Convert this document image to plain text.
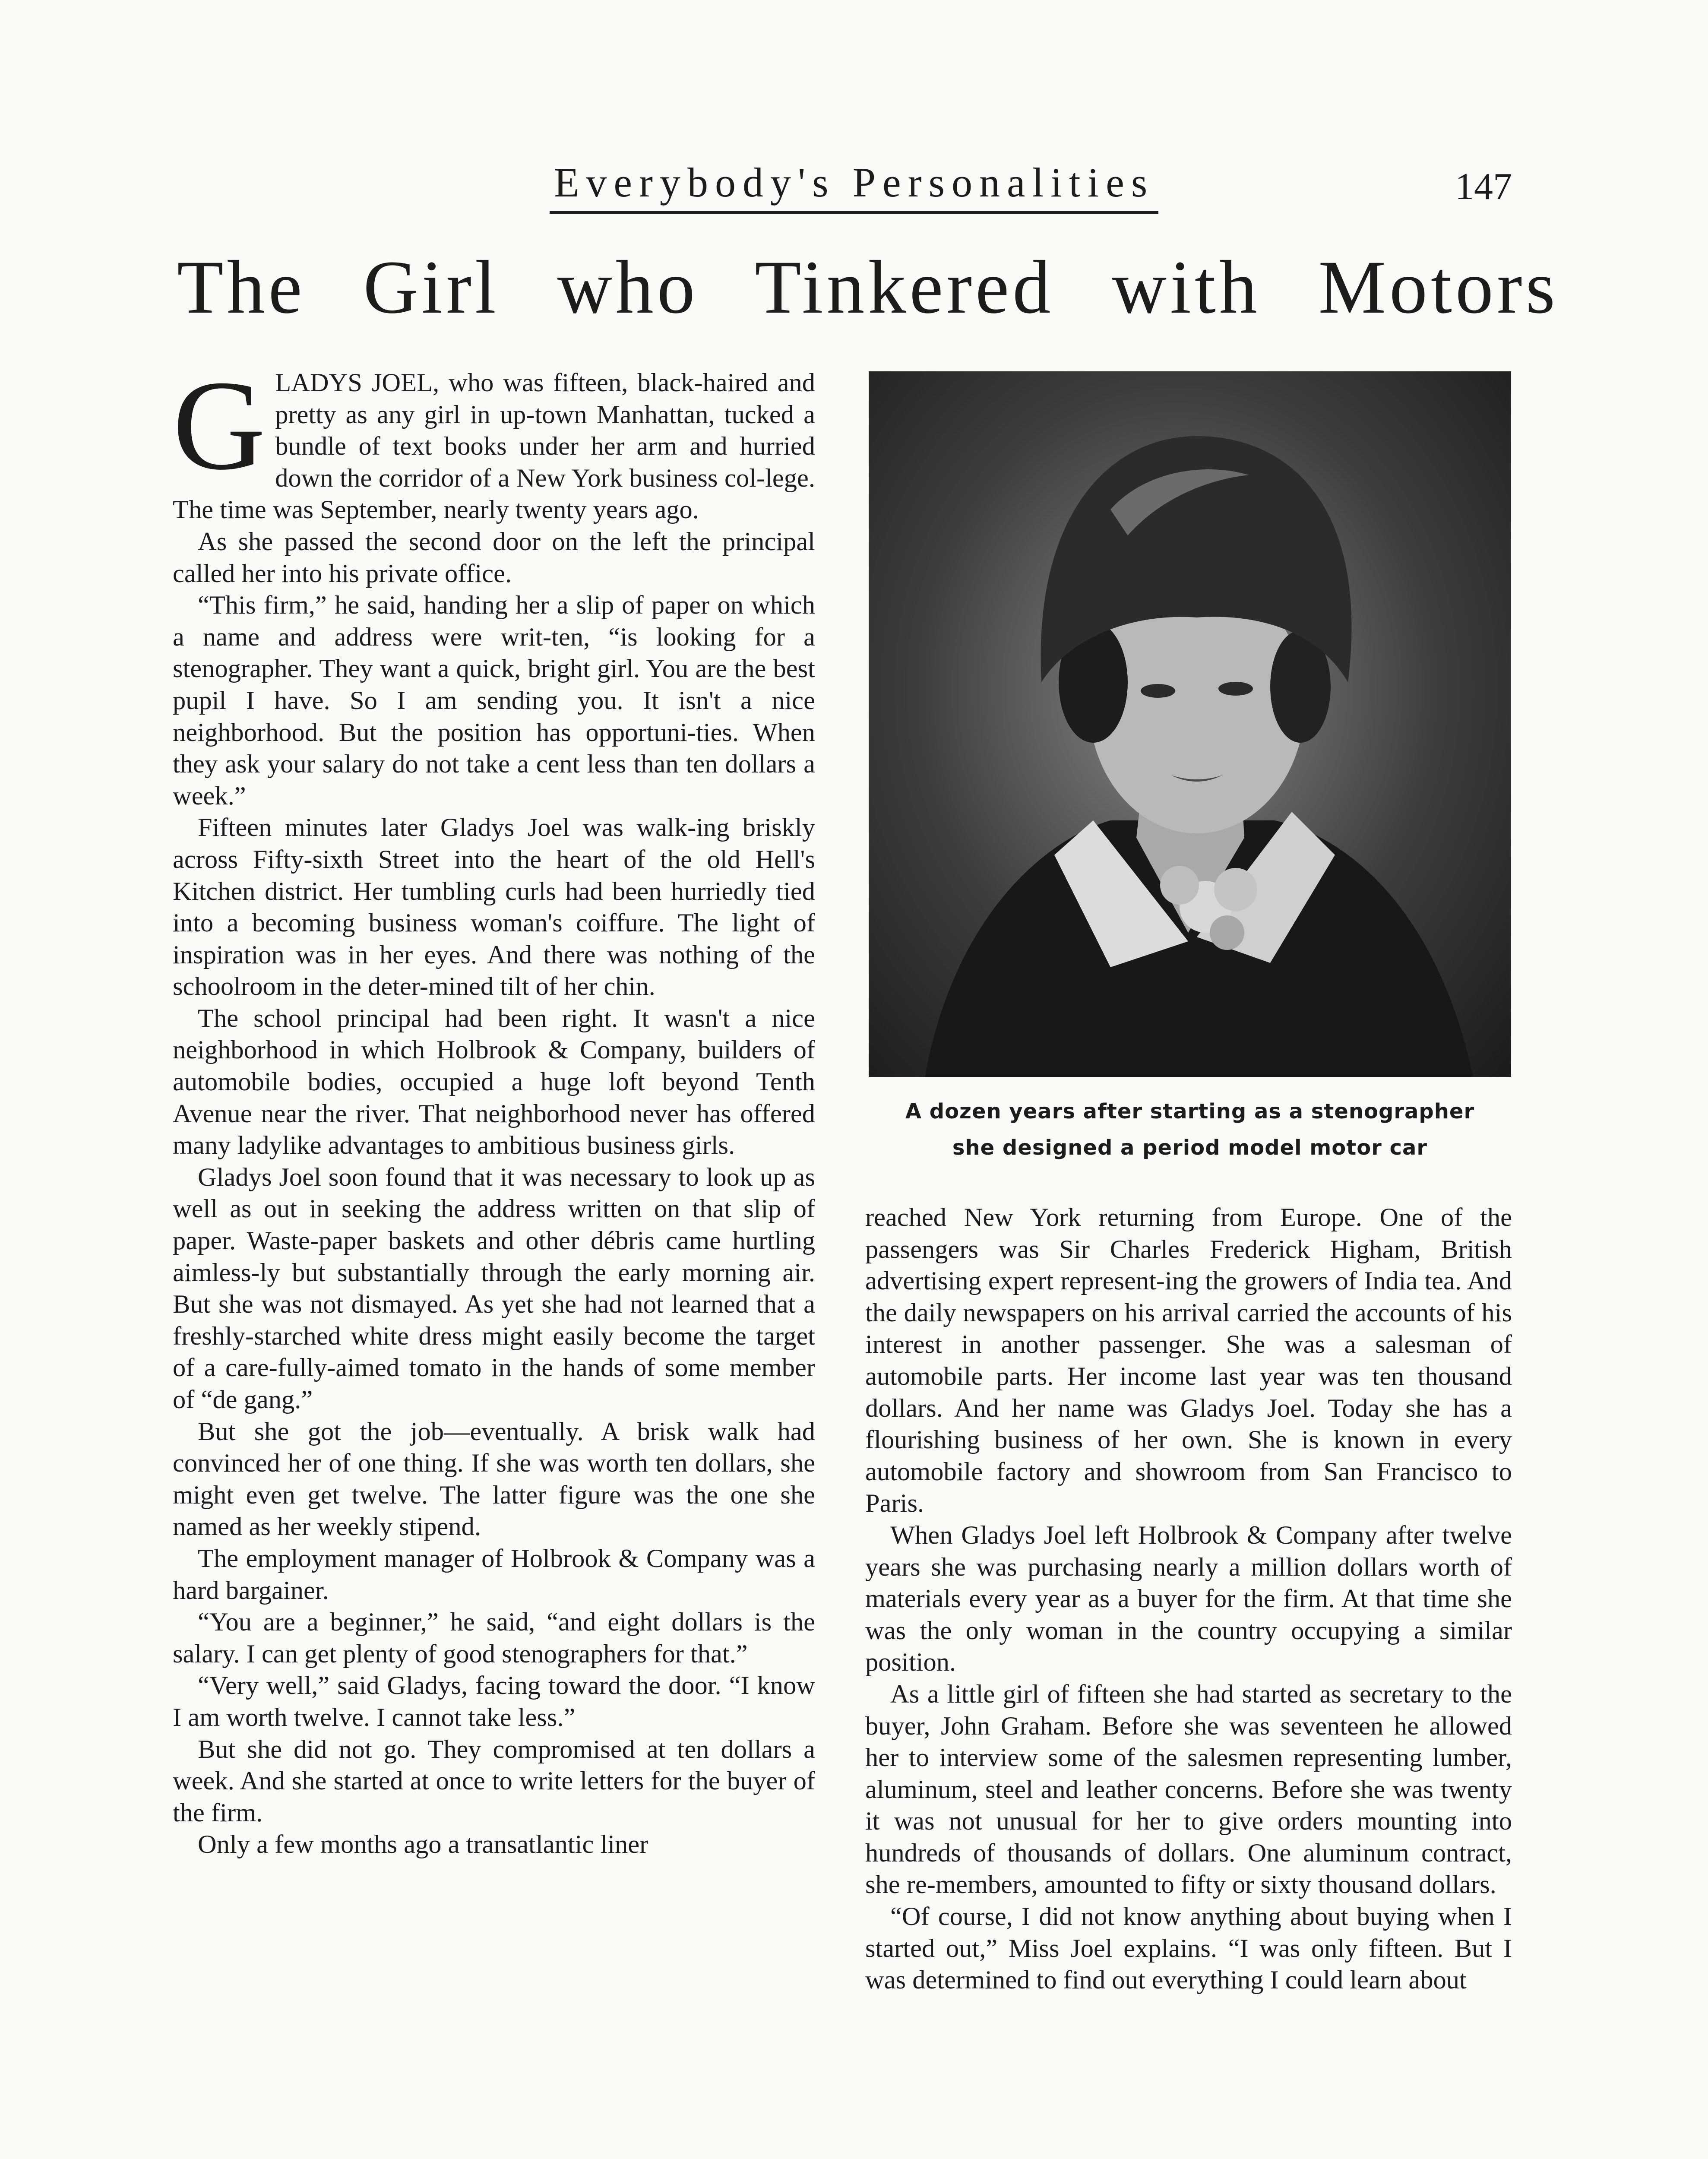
Everybody's Personalities	147
The Girl who Tinkered with Motors

GLADYS JOEL, who was fifteen, black-haired and pretty as any girl in up-town Manhattan, tucked a bundle of text books under her arm and hurried down the corridor of a New York business col-lege. The time was September, nearly twenty years ago.

As she passed the second door on the left the principal called her into his private office.

“This firm,” he said, handing her a slip of paper on which a name and address were writ-ten, “is looking for a stenographer. They want a quick, bright girl. You are the best pupil I have. So I am sending you. It isn't a nice neighborhood. But the position has opportuni-ties. When they ask your salary do not take a cent less than ten dollars a week.”

Fifteen minutes later Gladys Joel was walk-ing briskly across Fifty-sixth Street into the heart of the old Hell's Kitchen district. Her tumbling curls had been hurriedly tied into a becoming business woman's coiffure. The light of inspiration was in her eyes. And there was nothing of the schoolroom in the deter-mined tilt of her chin.

The school principal had been right. It wasn't a nice neighborhood in which Holbrook & Company, builders of automobile bodies, occupied a huge loft beyond Tenth Avenue near the river. That neighborhood never has offered many ladylike advantages to ambitious business girls.

Gladys Joel soon found that it was necessary to look up as well as out in seeking the address written on that slip of paper. Waste-paper baskets and other débris came hurtling aimless-ly but substantially through the early morning air. But she was not dismayed. As yet she had not learned that a freshly-starched white dress might easily become the target of a care-fully-aimed tomato in the hands of some member of “de gang.”

But she got the job—eventually. A brisk walk had convinced her of one thing. If she was worth ten dollars, she might even get twelve. The latter figure was the one she named as her weekly stipend.

The employment manager of Holbrook & Company was a hard bargainer.

“You are a beginner,” he said, “and eight dollars is the salary. I can get plenty of good stenographers for that.”

“Very well,” said Gladys, facing toward the door. “I know I am worth twelve. I cannot take less.”

But she did not go. They compromised at ten dollars a week. And she started at once to write letters for the buyer of the firm.

Only a few months ago a transatlantic liner

A dozen years after starting as a stenographer
she designed a period model motor car

reached New York returning from Europe. One of the passengers was Sir Charles Frederick Higham, British advertising expert represent-ing the growers of India tea. And the daily newspapers on his arrival carried the accounts of his interest in another passenger. She was a salesman of automobile parts. Her income last year was ten thousand dollars. And her name was Gladys Joel. Today she has a flourishing business of her own. She is known in every automobile factory and showroom from San Francisco to Paris.

When Gladys Joel left Holbrook & Company after twelve years she was purchasing nearly a million dollars worth of materials every year as a buyer for the firm. At that time she was the only woman in the country occupying a similar position.

As a little girl of fifteen she had started as secretary to the buyer, John Graham. Before she was seventeen he allowed her to interview some of the salesmen representing lumber, aluminum, steel and leather concerns. Before she was twenty it was not unusual for her to give orders mounting into hundreds of thousands of dollars. One aluminum contract, she re-members, amounted to fifty or sixty thousand dollars.

“Of course, I did not know anything about buying when I started out,” Miss Joel explains. “I was only fifteen. But I was determined to find out everything I could learn about
